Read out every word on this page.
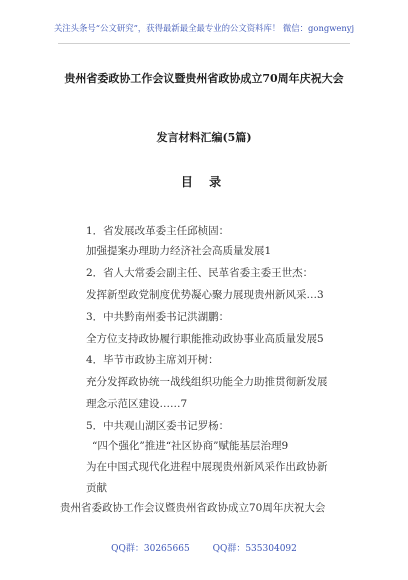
关注头条号“公文研究”，获得最新最全最专业的公文资料库！ 微信：gongwenyj
贵州省委政协工作会议暨贵州省政协成立70周年庆祝大会
发言材料汇编(5篇)
目 录
1．省发展改革委主任邱桢固：
加强提案办理助力经济社会高质量发展1
2．省人大常委会副主任、民革省委主委王世杰：
发挥新型政党制度优势凝心聚力展现贵州新风采…3
3．中共黔南州委书记洪湖鹏：
全方位支持政协履行职能推动政协事业高质量发展5
4．毕节市政协主席刘开树：
充分发挥政协统一战线组织功能全力助推贯彻新发展
理念示范区建设……7
5．中共观山湖区委书记罗杨：
“四个强化”推进“社区协商”赋能基层治理9
为在中国式现代化进程中展现贵州新风采作出政协新
贡献
贵州省委政协工作会议暨贵州省政协成立70周年庆祝大会
QQ群：30265665	QQ群：535304092
